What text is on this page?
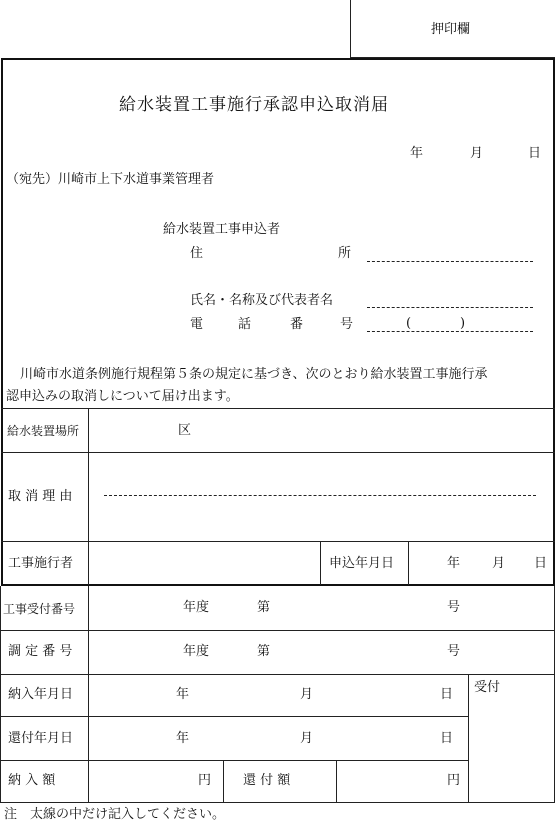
押印欄
給水装置工事施行承認申込取消届
年	月	日
（宛先）川崎市上下水道事業管理者
給水装置工事申込者
住	所
氏名・名称及び代表者名
電	話	番	号	(	)
川崎市水道条例施行規程第５条の規定に基づき、次のとおり給水装置工事施行承
認申込みの取消しについて届け出ます。
給水装置場所	区
取 消 理 由
工事施行者	申込年月日	年 月 日
工事受付番号	年度	第	号
調 定 番 号	年度	第	号
納入年月日	年	月	日 受付
還付年月日	年	月	日
納 入 額	円 還 付 額	円
注　太線の中だけ記入してください。
